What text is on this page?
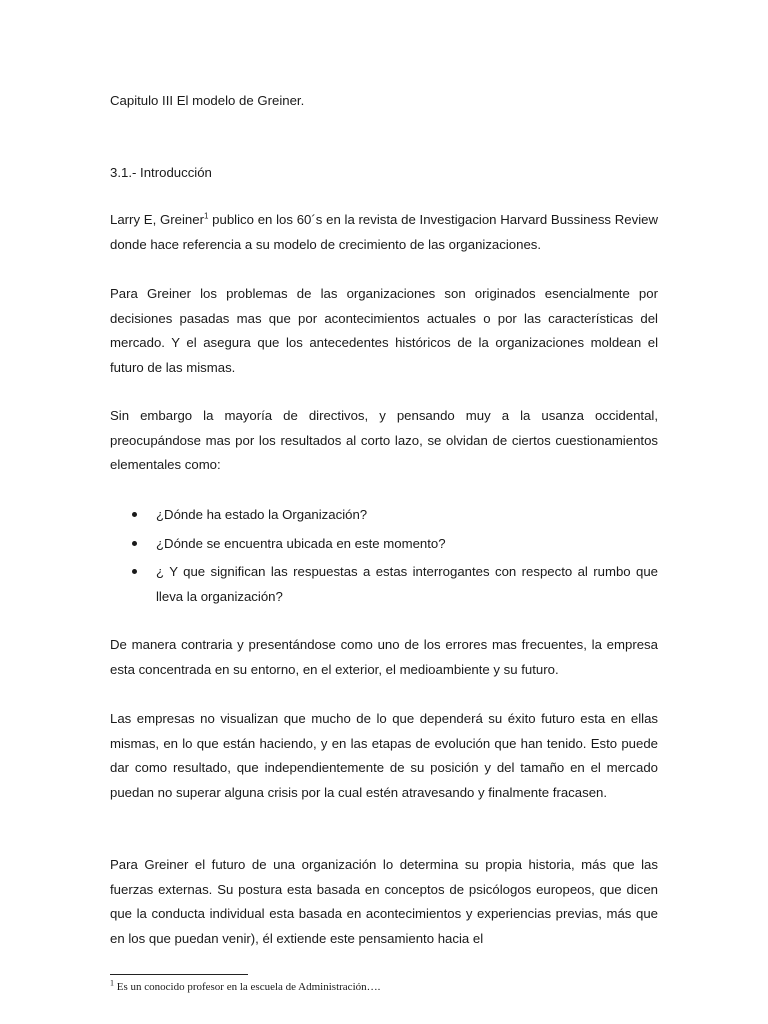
Capitulo III El modelo de Greiner.
3.1.- Introducción
Larry E, Greiner$^1$ publico en los 60´s en la revista de Investigacion Harvard Bussiness Review donde hace referencia a su modelo de crecimiento de las organizaciones.
Para Greiner los problemas de las organizaciones son originados esencialmente por decisiones pasadas mas que por acontecimientos actuales o por las características del mercado. Y el asegura que los antecedentes históricos de la organizaciones moldean el futuro de las mismas.
Sin embargo la mayoría de directivos, y pensando muy a la usanza occidental, preocupándose mas por los resultados al corto lazo, se olvidan de ciertos cuestionamientos elementales como:
¿Dónde ha estado la Organización?
¿Dónde se encuentra ubicada en este momento?
¿ Y que significan las respuestas a estas interrogantes con respecto al rumbo que lleva la organización?
De manera contraria y presentándose como uno de los errores mas frecuentes, la empresa esta concentrada en su entorno, en el exterior, el medioambiente y su futuro.
Las empresas no visualizan que mucho de lo que dependerá su éxito futuro esta en ellas mismas, en lo que están haciendo, y en las etapas de evolución que han tenido. Esto puede dar como resultado, que independientemente de su posición y del tamaño en el mercado puedan no superar alguna crisis por la cual estén atravesando y finalmente fracasen.
Para Greiner el futuro de una organización lo determina su propia historia, más que las fuerzas externas. Su postura esta basada en conceptos de psicólogos europeos, que dicen que la conducta individual esta basada en acontecimientos y experiencias previas, más que en los que puedan venir), él extiende este pensamiento hacia el
$^1$ Es un conocido profesor en la escuela de Administración….
